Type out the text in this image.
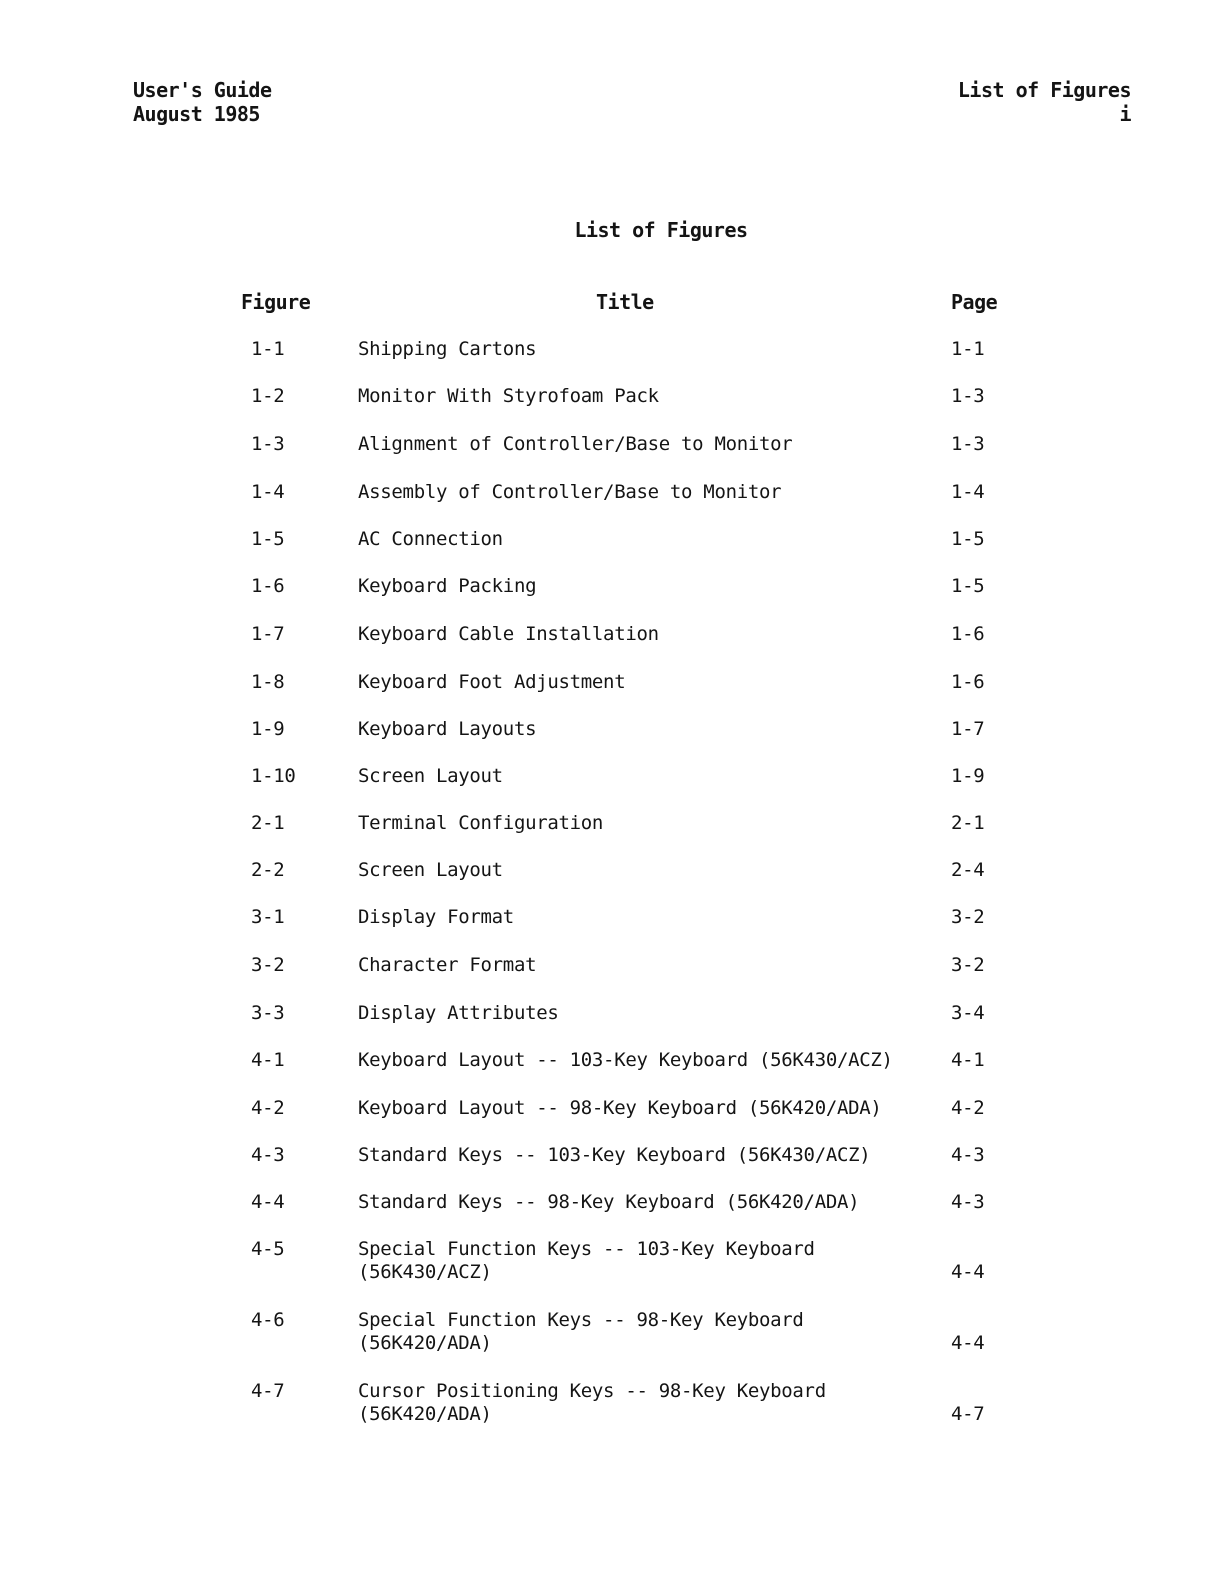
User's Guide
August 1985
List of Figures
i
List of Figures
Figure	Title	Page
1-1	Shipping Cartons	1-1
1-2	Monitor With Styrofoam Pack	1-3
1-3	Alignment of Controller/Base to Monitor	1-3
1-4	Assembly of Controller/Base to Monitor	1-4
1-5	AC Connection	1-5
1-6	Keyboard Packing	1-5
1-7	Keyboard Cable Installation	1-6
1-8	Keyboard Foot Adjustment	1-6
1-9	Keyboard Layouts	1-7
1-10	Screen Layout	1-9
2-1	Terminal Configuration	2-1
2-2	Screen Layout	2-4
3-1	Display Format	3-2
3-2	Character Format	3-2
3-3	Display Attributes	3-4
4-1	Keyboard Layout -- 103-Key Keyboard (56K430/ACZ)	4-1
4-2	Keyboard Layout -- 98-Key Keyboard (56K420/ADA)	4-2
4-3	Standard Keys -- 103-Key Keyboard (56K430/ACZ)	4-3
4-4	Standard Keys -- 98-Key Keyboard (56K420/ADA)	4-3
4-5	Special Function Keys -- 103-Key Keyboard
(56K430/ACZ)	4-4
4-6	Special Function Keys -- 98-Key Keyboard
(56K420/ADA)	4-4
4-7	Cursor Positioning Keys -- 98-Key Keyboard
(56K420/ADA)	4-7
